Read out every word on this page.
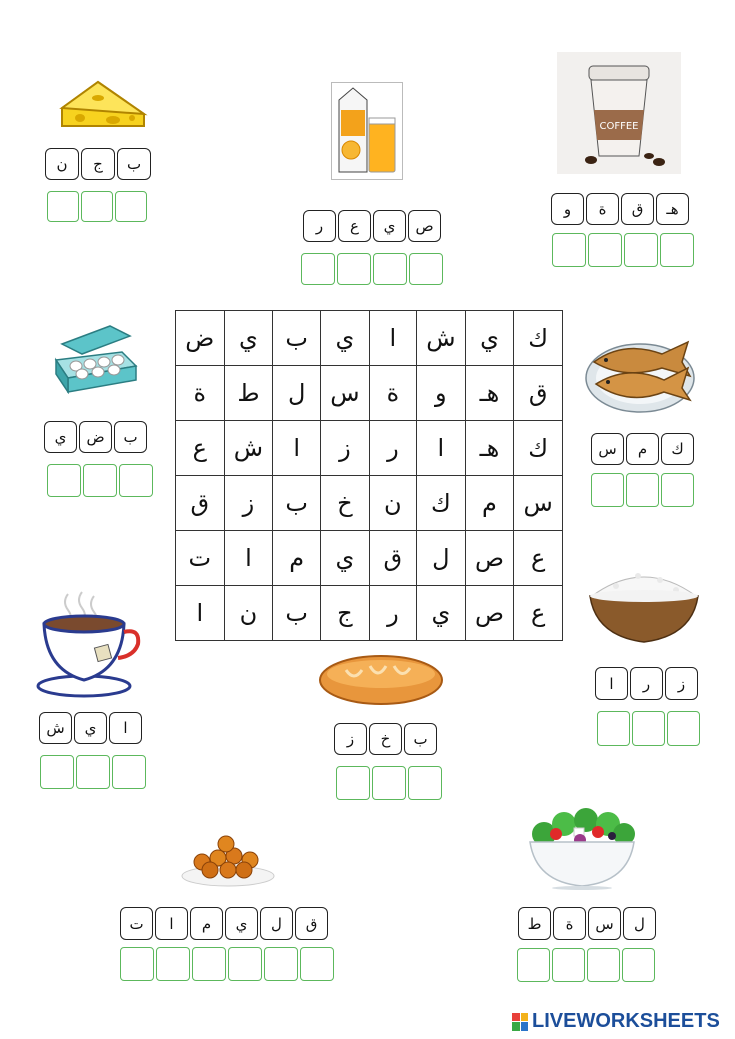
ب
ج
ن
ص
ي
ع
ر
COFFEE
هـ
ق
ة
و
ب
ض
ي
ك
م
س
ض	ي	ب	ي	ا	ش	ي	ك
ة	ط	ل	س	ة	و	هـ	ق
ع	ش	ا	ز	ر	ا	هـ	ك
ق	ز	ب	خ	ن	ك	م	س
ت	ا	م	ي	ق	ل	ص	ع
ا	ن	ب	ج	ر	ي	ص	ع
ا
ي
ش
ز
ر
ا
ب
خ
ز
ق
ل
ي
م
ا
ت	ل
س
ة
ط
LIVEWORKSHEETS
